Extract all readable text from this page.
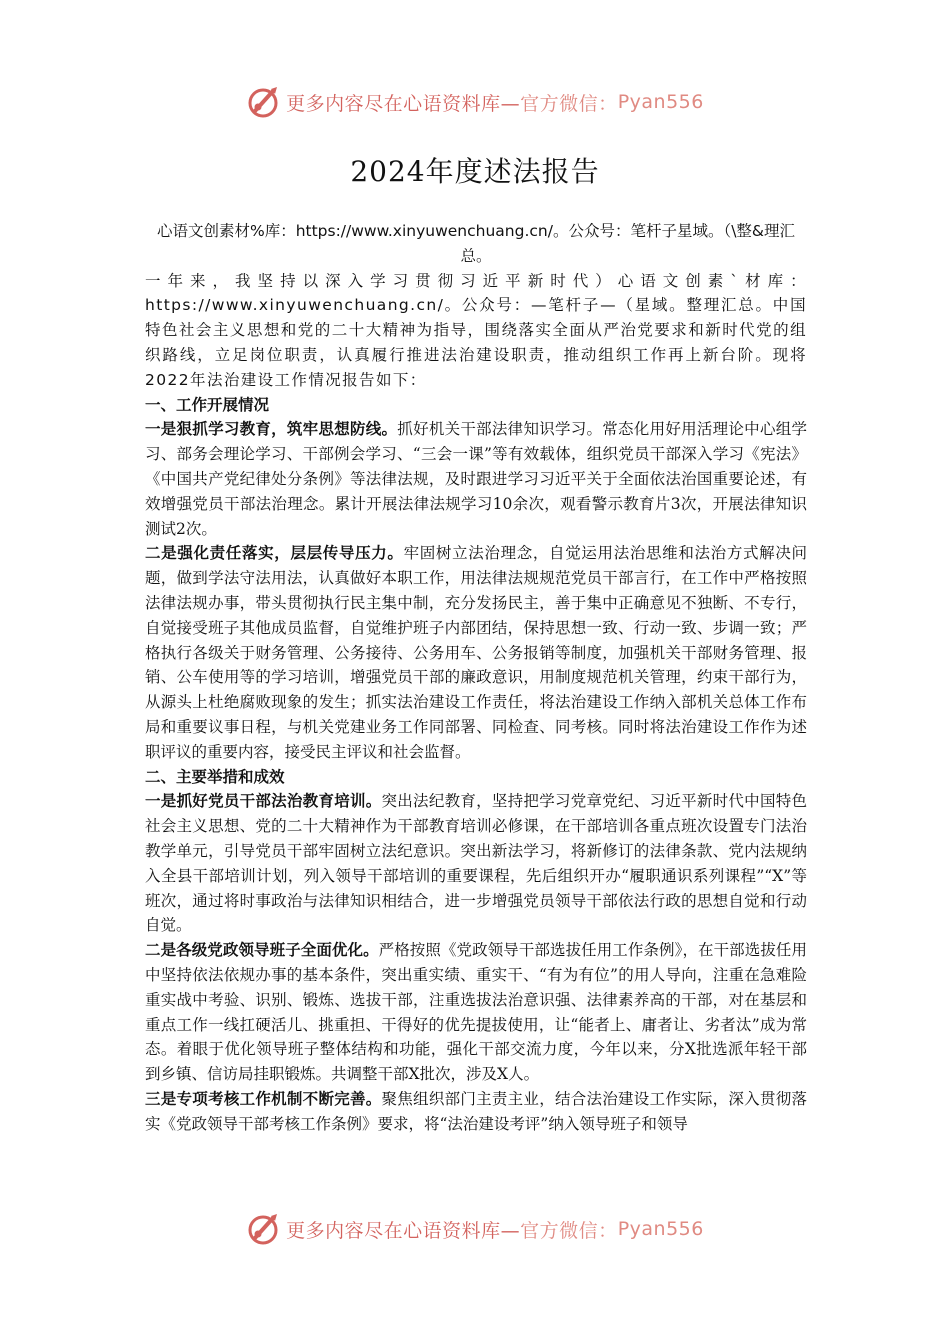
更多内容尽在心语资料库— 官方微信： Pyan556
2024年度述法报告

心语文创素材%库：https://www.xinyuwenchuang.cn/。公众号：笔杆子星域。（\整&理汇总。

一年来，我坚持以深入学习贯彻习近平新时代）心语文创素`材库：https://www.xinyuwenchuang.cn/。公众号：—笔杆子—（星域。整理汇总。中国特色社会主义思想和党的二十大精神为指导，围绕落实全面从严治党要求和新时代党的组织路线，立足岗位职责，认真履行推进法治建设职责，推动组织工作再上新台阶。现将2022年法治建设工作情况报告如下：

一、工作开展情况

一是狠抓学习教育，筑牢思想防线。抓好机关干部法律知识学习。常态化用好用活理论中心组学习、部务会理论学习、干部例会学习、“三会一课”等有效载体，组织党员干部深入学习《宪法》《中国共产党纪律处分条例》等法律法规，及时跟进学习习近平关于全面依法治国重要论述，有效增强党员干部法治理念。累计开展法律法规学习10余次，观看警示教育片3次，开展法律知识测试2次。

二是强化责任落实，层层传导压力。牢固树立法治理念，自觉运用法治思维和法治方式解决问题，做到学法守法用法，认真做好本职工作，用法律法规规范党员干部言行，在工作中严格按照法律法规办事，带头贯彻执行民主集中制，充分发扬民主，善于集中正确意见不独断、不专行，自觉接受班子其他成员监督，自觉维护班子内部团结，保持思想一致、行动一致、步调一致；严格执行各级关于财务管理、公务接待、公务用车、公务报销等制度，加强机关干部财务管理、报销、公车使用等的学习培训，增强党员干部的廉政意识，用制度规范机关管理，约束干部行为，从源头上杜绝腐败现象的发生；抓实法治建设工作责任，将法治建设工作纳入部机关总体工作布局和重要议事日程，与机关党建业务工作同部署、同检查、同考核。同时将法治建设工作作为述职评议的重要内容，接受民主评议和社会监督。

二、主要举措和成效

一是抓好党员干部法治教育培训。突出法纪教育，坚持把学习党章党纪、习近平新时代中国特色社会主义思想、党的二十大精神作为干部教育培训必修课，在干部培训各重点班次设置专门法治教学单元，引导党员干部牢固树立法纪意识。突出新法学习，将新修订的法律条款、党内法规纳入全县干部培训计划，列入领导干部培训的重要课程，先后组织开办“履职通识系列课程”“X”等班次，通过将时事政治与法律知识相结合，进一步增强党员领导干部依法行政的思想自觉和行动自觉。

二是各级党政领导班子全面优化。严格按照《党政领导干部选拔任用工作条例》，在干部选拔任用中坚持依法依规办事的基本条件，突出重实绩、重实干、“有为有位”的用人导向，注重在急难险重实战中考验、识别、锻炼、选拔干部，注重选拔法治意识强、法律素养高的干部，对在基层和重点工作一线扛硬活儿、挑重担、干得好的优先提拔使用，让“能者上、庸者让、劣者汰”成为常态。着眼于优化领导班子整体结构和功能，强化干部交流力度，今年以来，分X批选派年轻干部到乡镇、信访局挂职锻炼。共调整干部X批次，涉及X人。

三是专项考核工作机制不断完善。聚焦组织部门主责主业，结合法治建设工作实际，深入贯彻落实《党政领导干部考核工作条例》要求，将“法治建设考评”纳入领导班子和领导

更多内容尽在心语资料库— 官方微信： Pyan556
